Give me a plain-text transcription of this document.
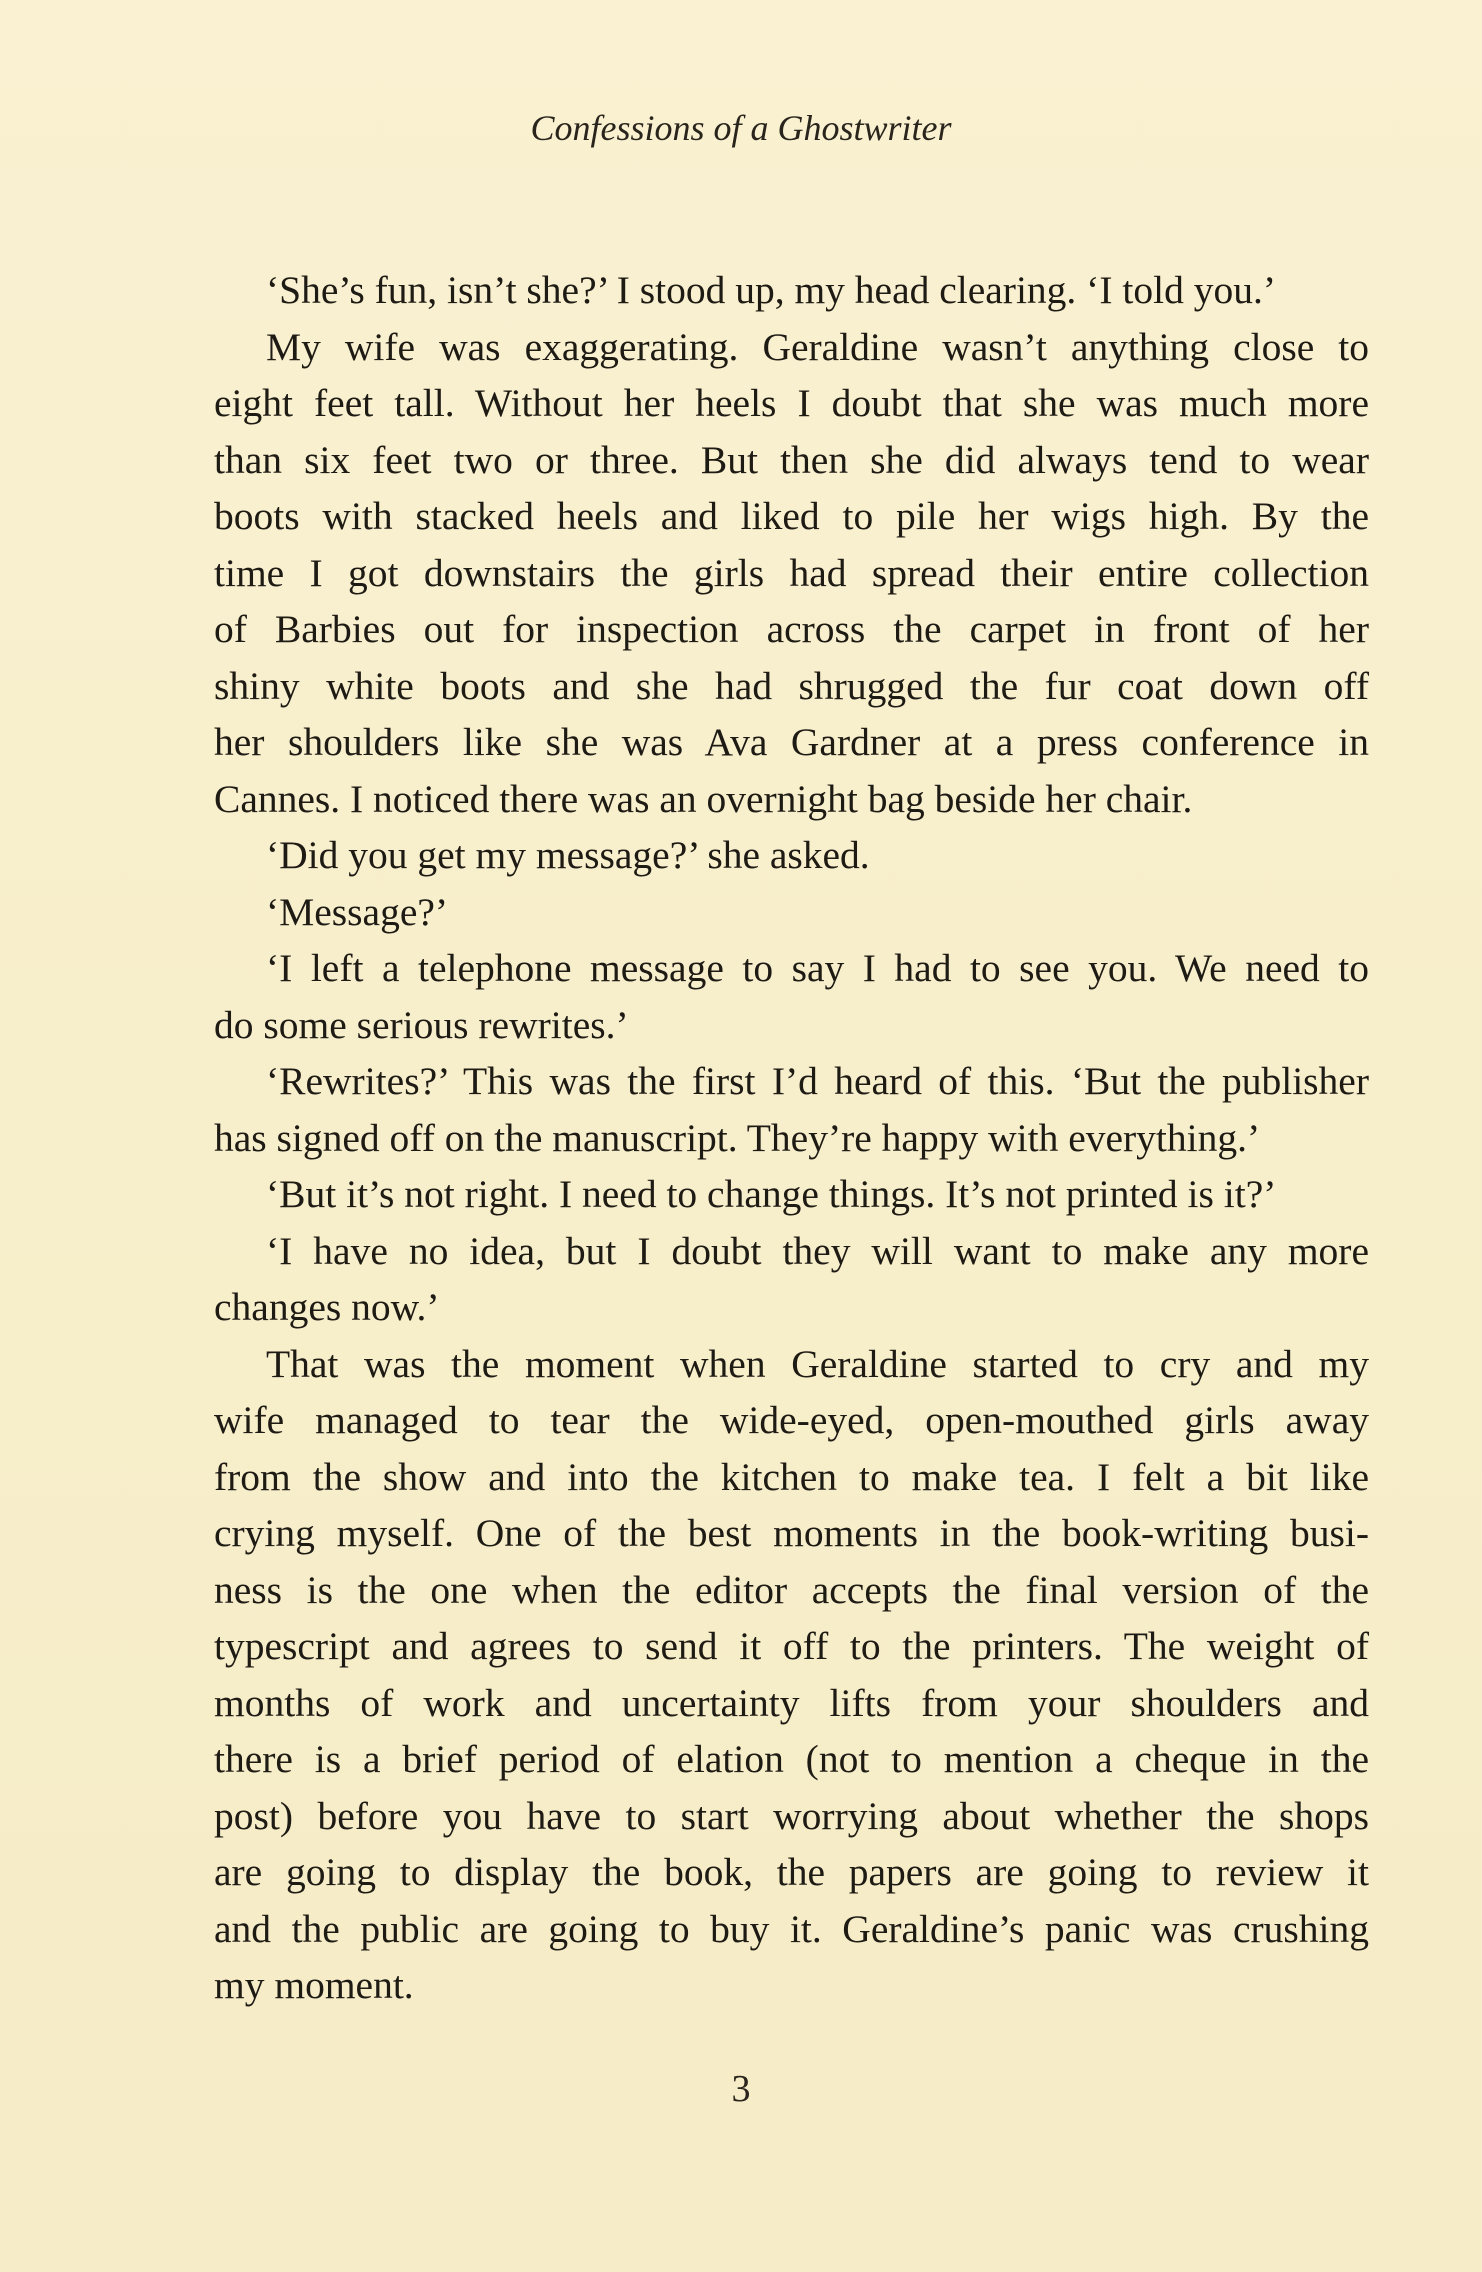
Confessions of a Ghostwriter
‘She’s fun, isn’t she?’ I stood up, my head clearing. ‘I told you.’
My wife was exaggerating. Geraldine wasn’t anything close to
eight feet tall. Without her heels I doubt that she was much more
than six feet two or three. But then she did always tend to wear
boots with stacked heels and liked to pile her wigs high. By the
time I got downstairs the girls had spread their entire collection
of Barbies out for inspection across the carpet in front of her
shiny white boots and she had shrugged the fur coat down off
her shoulders like she was Ava Gardner at a press conference in
Cannes. I noticed there was an overnight bag beside her chair.
‘Did you get my message?’ she asked.
‘Message?’
‘I left a telephone message to say I had to see you. We need to
do some serious rewrites.’
‘Rewrites?’ This was the first I’d heard of this. ‘But the publisher
has signed off on the manuscript. They’re happy with everything.’
‘But it’s not right. I need to change things. It’s not printed is it?’
‘I have no idea, but I doubt they will want to make any more
changes now.’
That was the moment when Geraldine started to cry and my
wife managed to tear the wide-eyed, open-mouthed girls away
from the show and into the kitchen to make tea. I felt a bit like
crying myself. One of the best moments in the book-writing busi-
ness is the one when the editor accepts the final version of the
typescript and agrees to send it off to the printers. The weight of
months of work and uncertainty lifts from your shoulders and
there is a brief period of elation (not to mention a cheque in the
post) before you have to start worrying about whether the shops
are going to display the book, the papers are going to review it
and the public are going to buy it. Geraldine’s panic was crushing
my moment.
3
